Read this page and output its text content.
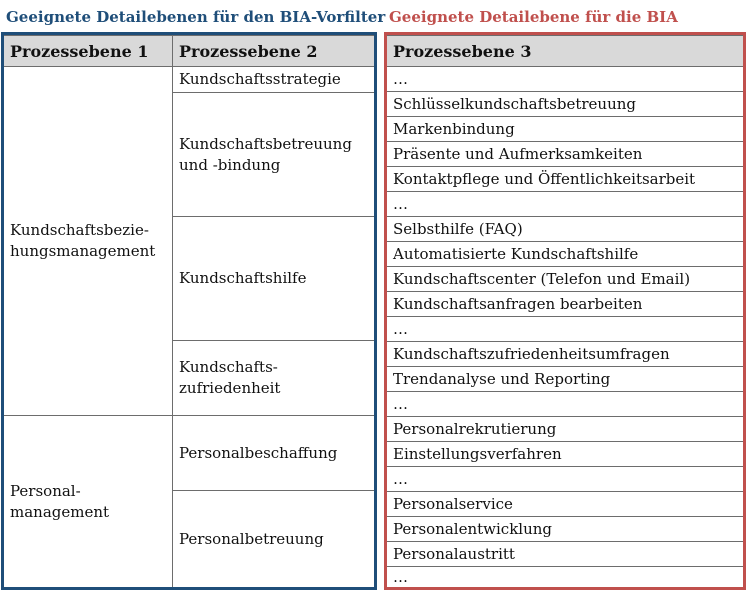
Geeignete Detailebenen für den BIA-Vorfilter Geeignete Detailebene für die BIA
Prozessebene 1	Prozessebene 2	Prozessebene 3
Kundschaftsbezie-
hungsmanagement
Personal-
management
Kundschaftsstrategie
Kundschaftsbetreuung
und -bindung
Kundschaftshilfe
Kundschafts-
zufriedenheit
Personalbeschaffung
Personalbetreuung
…
Schlüsselkundschaftsbetreuung
Markenbindung
Präsente und Aufmerksamkeiten
Kontaktpflege und Öffentlichkeitsarbeit
…
Selbsthilfe (FAQ)
Automatisierte Kundschaftshilfe
Kundschaftscenter (Telefon und Email)
Kundschaftsanfragen bearbeiten
…
Kundschaftszufriedenheitsumfragen
Trendanalyse und Reporting
…
Personalrekrutierung
Einstellungsverfahren
…
Personalservice
Personalentwicklung
Personalaustritt
…
